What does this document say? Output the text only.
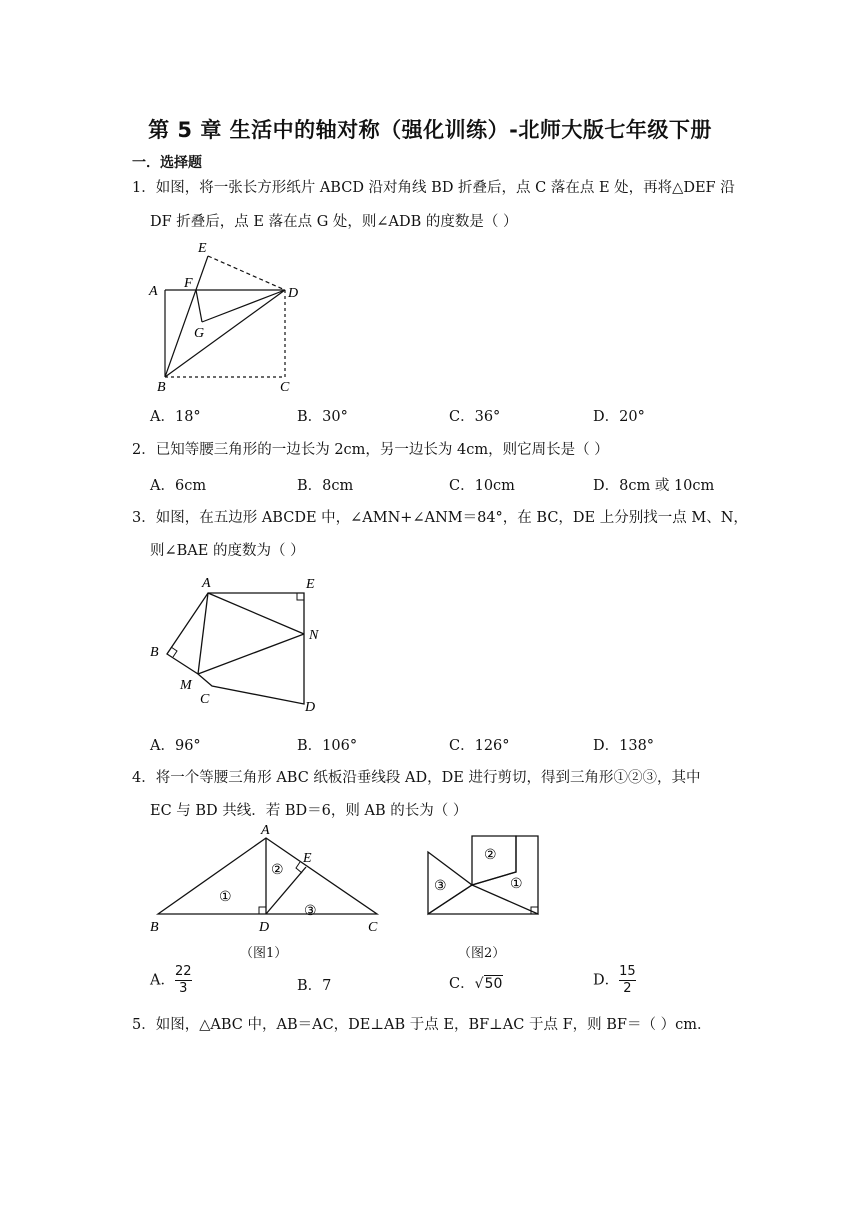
第 5 章 生活中的轴对称（强化训练）-北师大版七年级下册
一．选择题
1．如图，将一张长方形纸片 ABCD 沿对角线 BD 折叠后，点 C 落在点 E 处，再将△DEF 沿
DF 折叠后，点 E 落在点 G 处，则∠ADB 的度数是（ ）
E
A
F
D
G
B	C
A．18°	B．30°	C．36°	D．20°
2．已知等腰三角形的一边长为 2cm，另一边长为 4cm，则它周长是（ ）
A．6cm	B．8cm	C．10cm	D．8cm 或 10cm
3．如图，在五边形 ABCDE 中，∠AMN+∠ANM＝84°，在 BC，DE 上分别找一点 M、N，
则∠BAE 的度数为（ ）
A	E
N
B
M
C
D
A．96°	B．106°	C．126°	D．138°
4．将一个等腰三角形 ABC 纸板沿垂线段 AD，DE 进行剪切，得到三角形①②③，其中
EC 与 BD 共线．若 BD＝6，则 AB 的长为（ ）
A
E
B	D	C
①
②
③
（图1）
②
③	①
（图2）
A． $\frac{22}{3}$	B．7	C．√50	D． $\frac{15}{2}$
5．如图，△ABC 中，AB＝AC，DE⊥AB 于点 E，BF⊥AC 于点 F，则 BF＝（ ）cm．
